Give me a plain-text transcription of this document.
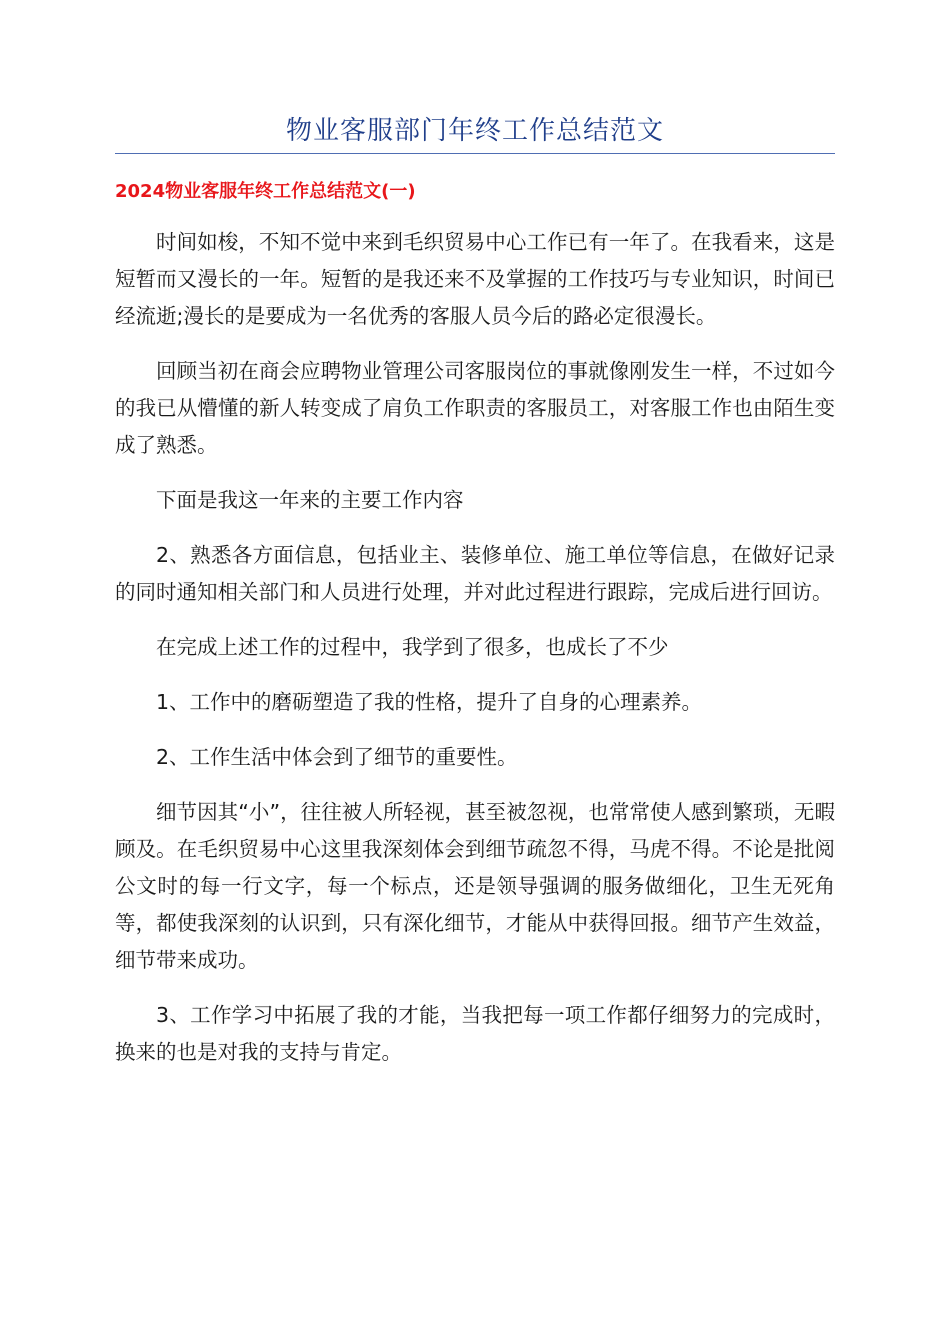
物业客服部门年终工作总结范文
2024物业客服年终工作总结范文(一)

时间如梭，不知不觉中来到毛织贸易中心工作已有一年了。在我看来，这是短暂而又漫长的一年。短暂的是我还来不及掌握的工作技巧与专业知识，时间已经流逝;漫长的是要成为一名优秀的客服人员今后的路必定很漫长。

回顾当初在商会应聘物业管理公司客服岗位的事就像刚发生一样，不过如今的我已从懵懂的新人转变成了肩负工作职责的客服员工，对客服工作也由陌生变成了熟悉。

下面是我这一年来的主要工作内容

2、熟悉各方面信息，包括业主、装修单位、施工单位等信息，在做好记录的同时通知相关部门和人员进行处理，并对此过程进行跟踪，完成后进行回访。

在完成上述工作的过程中，我学到了很多，也成长了不少

1、工作中的磨砺塑造了我的性格，提升了自身的心理素养。

2、工作生活中体会到了细节的重要性。

细节因其“小”，往往被人所轻视，甚至被忽视，也常常使人感到繁琐，无暇顾及。在毛织贸易中心这里我深刻体会到细节疏忽不得，马虎不得。不论是批阅公文时的每一行文字，每一个标点，还是领导强调的服务做细化，卫生无死角等，都使我深刻的认识到，只有深化细节，才能从中获得回报。细节产生效益，细节带来成功。

3、工作学习中拓展了我的才能，当我把每一项工作都仔细努力的完成时，换来的也是对我的支持与肯定。
